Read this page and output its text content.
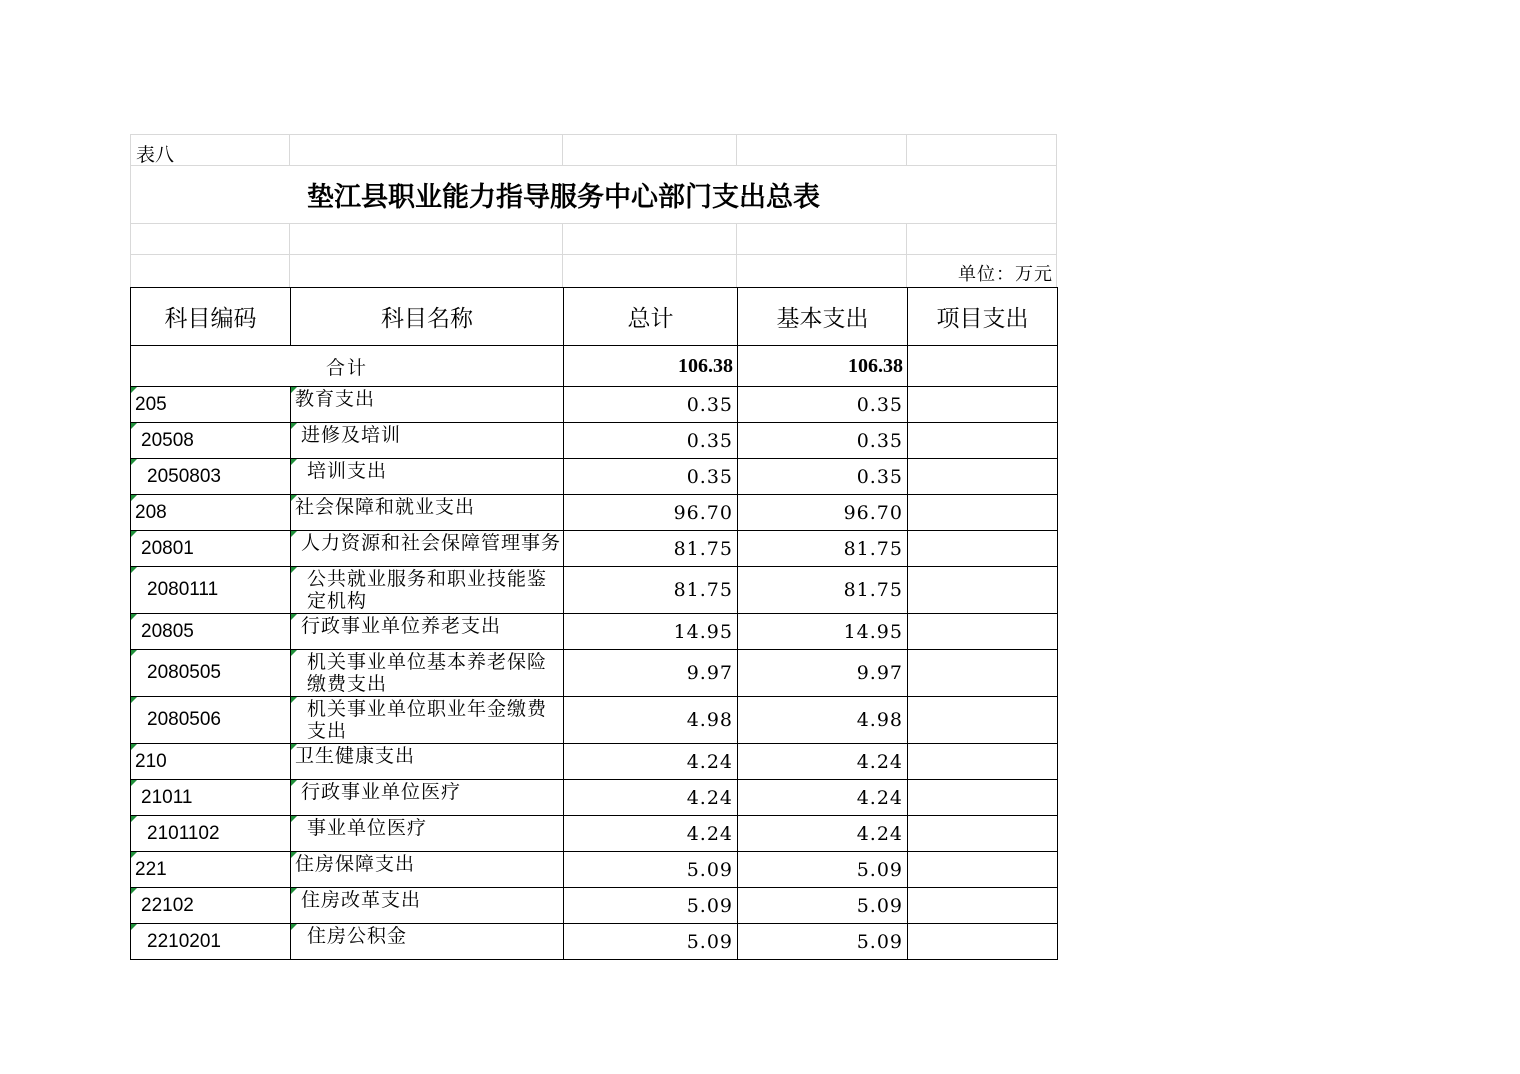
表八
垫江县职业能力指导服务中心部门支出总表
单位：万元
科目编码	科目名称	总计	基本支出	项目支出
合计		106.38	106.38	
205	教育支出	0.35	0.35	
20508	进修及培训	0.35	0.35	
2050803	培训支出	0.35	0.35	
208	社会保障和就业支出	96.70	96.70	
20801	人力资源和社会保障管理事务	81.75	81.75	
2080111	公共就业服务和职业技能鉴定机构	81.75	81.75	
20805	行政事业单位养老支出	14.95	14.95	
2080505	机关事业单位基本养老保险缴费支出	9.97	9.97	
2080506	机关事业单位职业年金缴费支出	4.98	4.98	
210	卫生健康支出	4.24	4.24	
21011	行政事业单位医疗	4.24	4.24	
2101102	事业单位医疗	4.24	4.24	
221	住房保障支出	5.09	5.09	
22102	住房改革支出	5.09	5.09	
2210201	住房公积金	5.09	5.09	
